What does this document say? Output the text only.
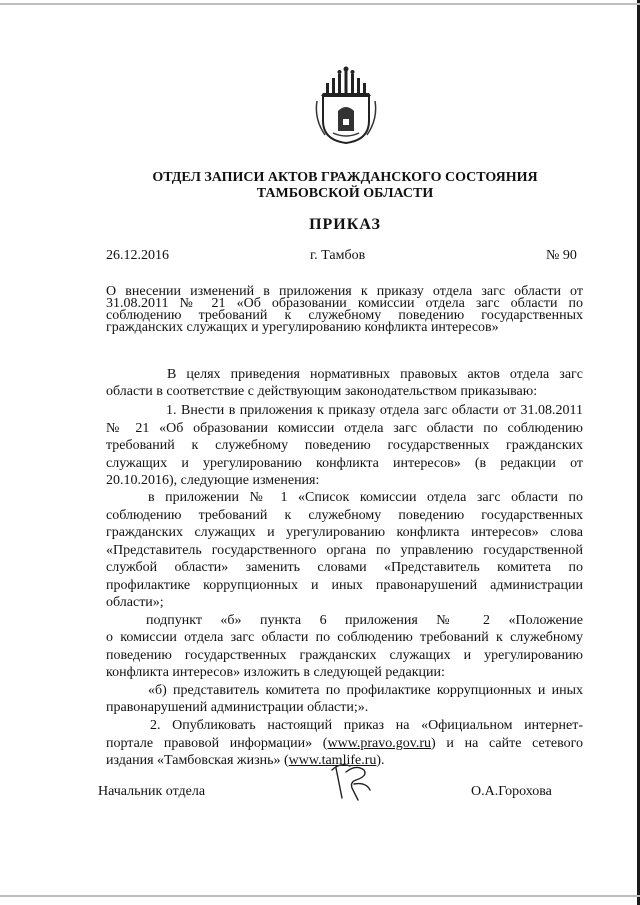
ОТДЕЛ ЗАПИСИ АКТОВ ГРАЖДАНСКОГО СОСТОЯНИЯ
ТАМБОВСКОЙ ОБЛАСТИ
ПРИКАЗ
26.12.2016	г. Тамбов	№ 90
О внесении изменений в приложения к приказу отдела загс области от
31.08.2011 № 21 «Об образовании комиссии отдела загс области по
соблюдению требований к служебному поведению государственных
гражданских служащих и урегулированию конфликта интересов»
В целях приведения нормативных правовых актов отдела загс
области в соответствие с действующим законодательством приказываю:
1. Внести в приложения к приказу отдела загс области от 31.08.2011
№ 21 «Об образовании комиссии отдела загс области по соблюдению
требований к служебному поведению государственных гражданских
служащих и урегулированию конфликта интересов» (в редакции от
20.10.2016), следующие изменения:
в приложении № 1 «Список комиссии отдела загс области по
соблюдению требований к служебному поведению государственных
гражданских служащих и урегулированию конфликта интересов» слова
«Представитель государственного органа по управлению государственной
службой области» заменить словами «Представитель комитета по
профилактике коррупционных и иных правонарушений администрации
области»;
подпункт «б» пункта 6 приложения № 2 «Положение
о комиссии отдела загс области по соблюдению требований к служебному
поведению государственных гражданских служащих и урегулированию
конфликта интересов» изложить в следующей редакции:
«б) представитель комитета по профилактике коррупционных и иных
правонарушений администрации области;».
2. Опубликовать настоящий приказ на «Официальном интернет-
портале правовой информации» (www.pravo.gov.ru) и на сайте сетевого
издания «Тамбовская жизнь» (www.tamlife.ru).
Начальник отдела	О.А.Горохова
